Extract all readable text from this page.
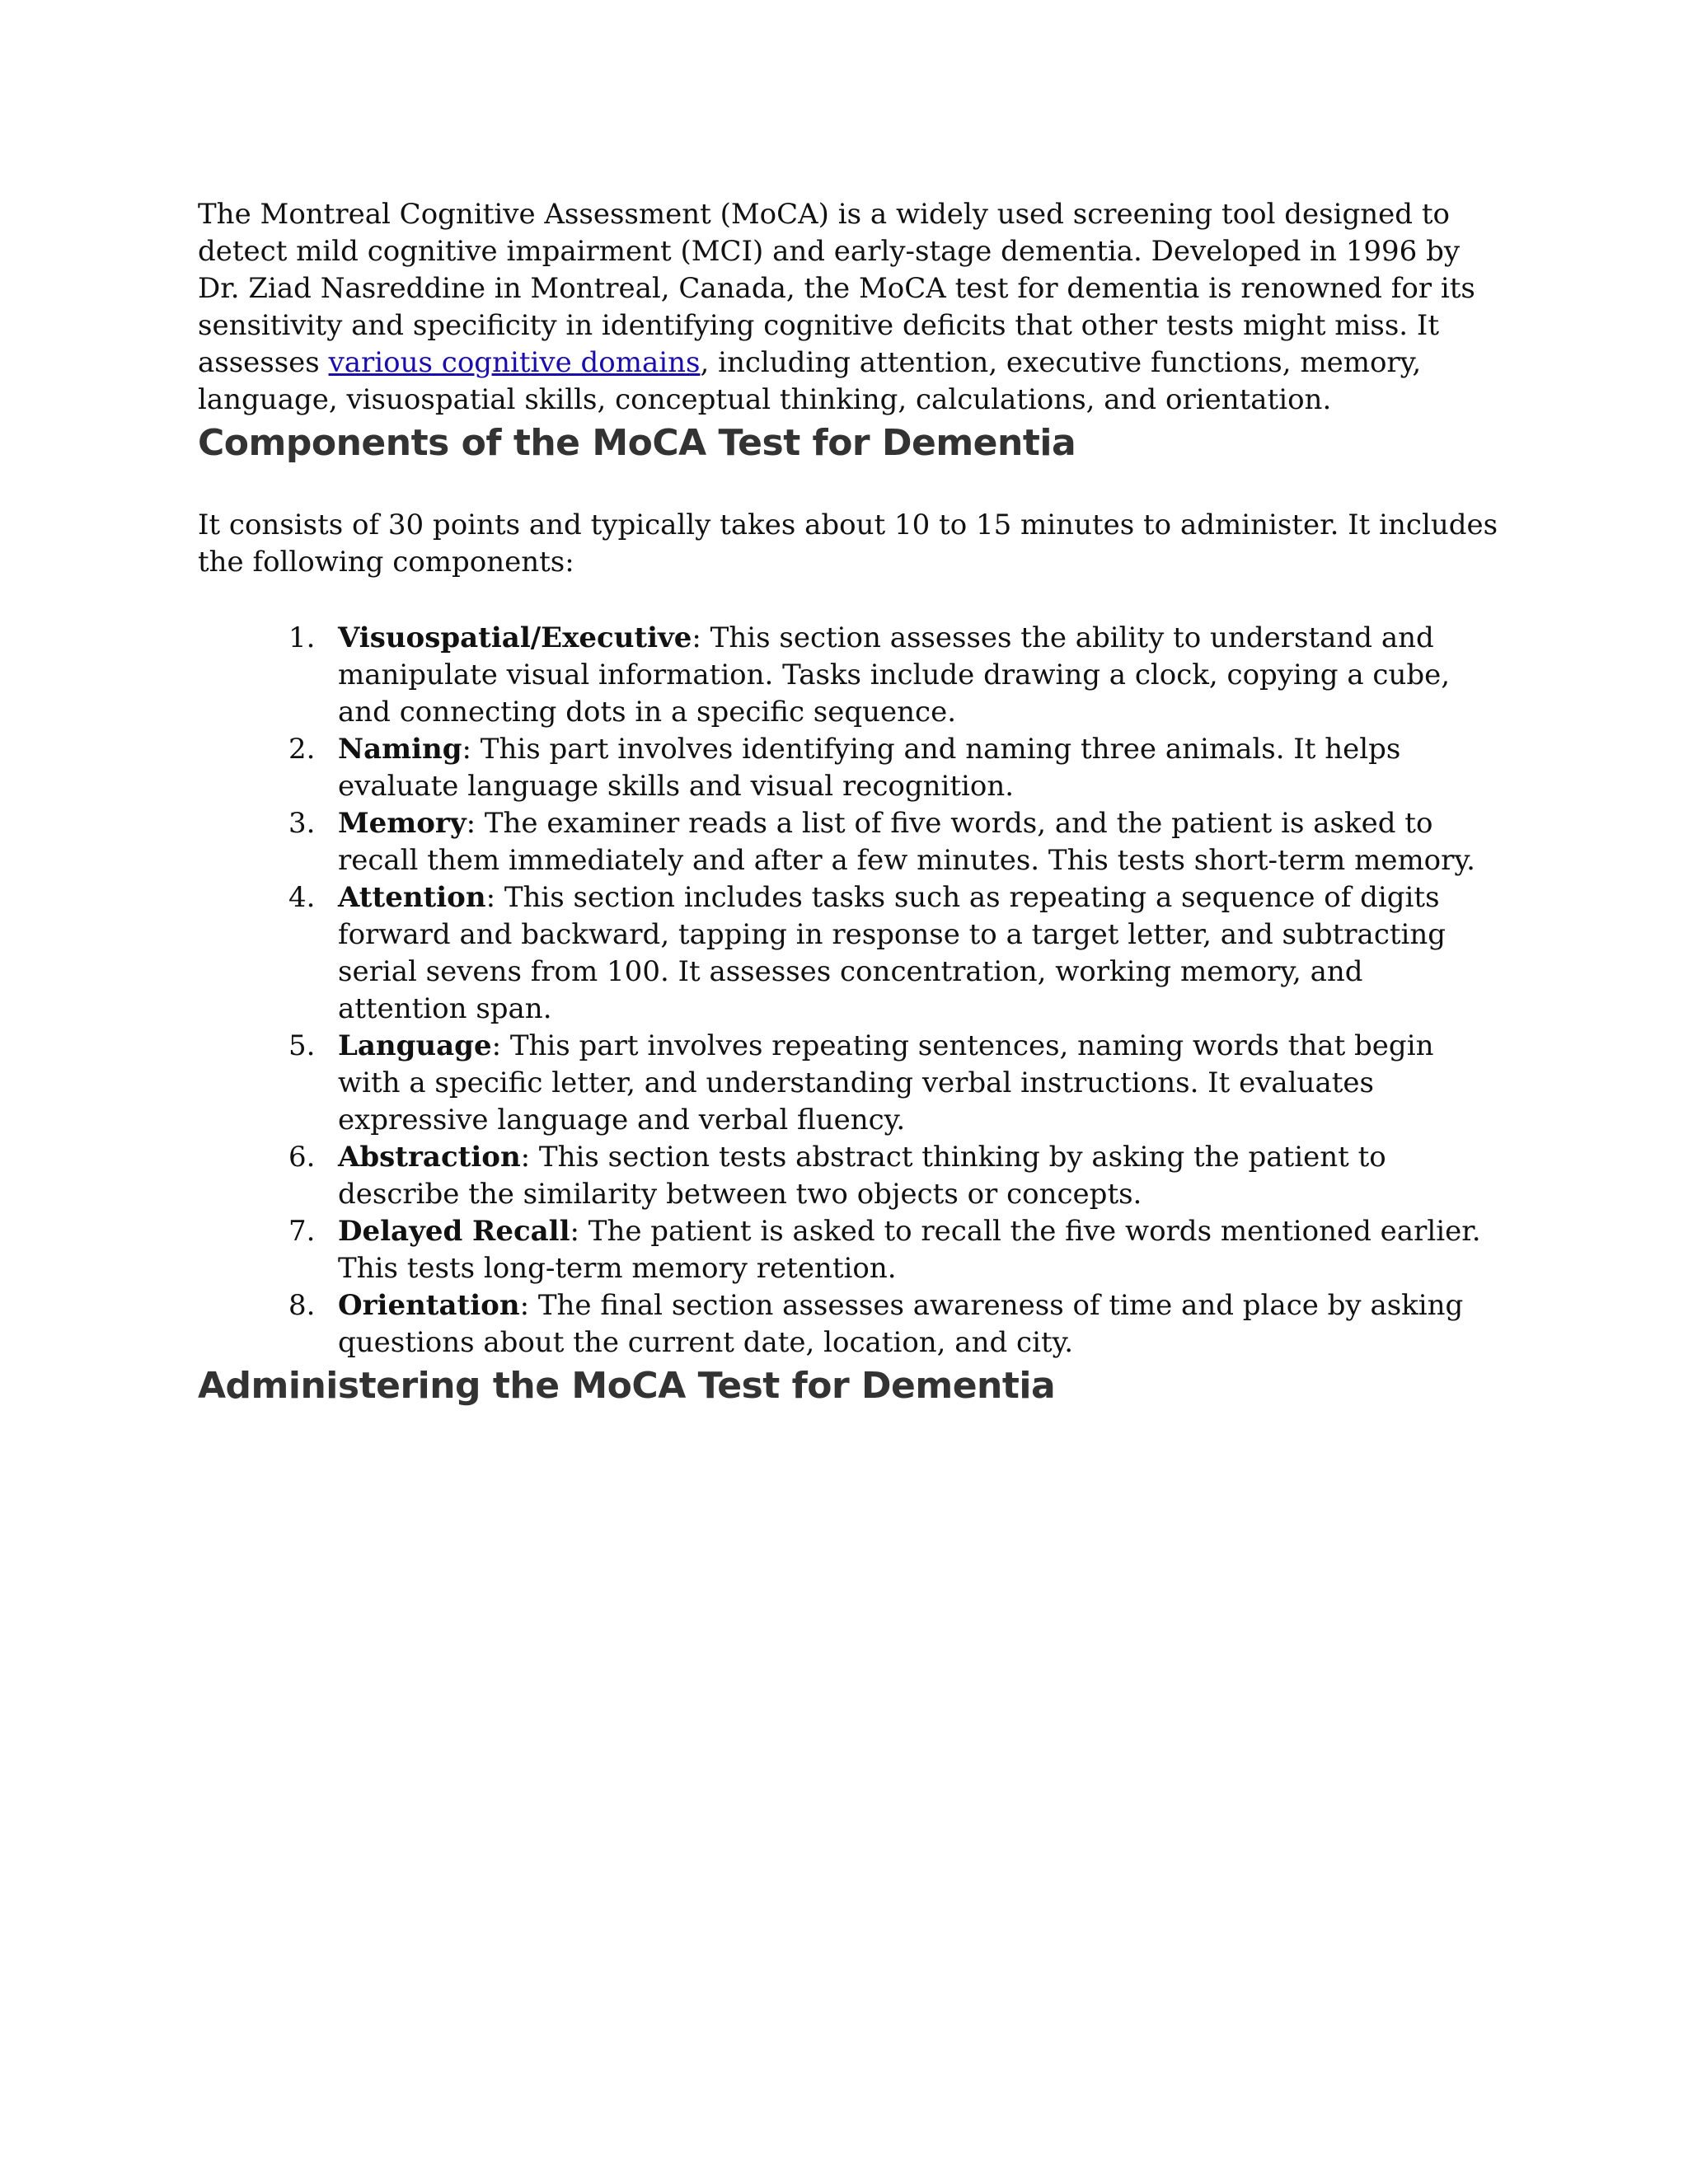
The Montreal Cognitive Assessment (MoCA) is a widely used screening tool designed to detect mild cognitive impairment (MCI) and early-stage dementia. Developed in 1996 by Dr. Ziad Nasreddine in Montreal, Canada, the MoCA test for dementia is renowned for its sensitivity and specificity in identifying cognitive deficits that other tests might miss. It assesses various cognitive domains, including attention, executive functions, memory, language, visuospatial skills, conceptual thinking, calculations, and orientation.

Components of the MoCA Test for Dementia

It consists of 30 points and typically takes about 10 to 15 minutes to administer. It includes the following components:

1. Visuospatial/Executive: This section assesses the ability to understand and manipulate visual information. Tasks include drawing a clock, copying a cube, and connecting dots in a specific sequence.
2. Naming: This part involves identifying and naming three animals. It helps evaluate language skills and visual recognition.
3. Memory: The examiner reads a list of five words, and the patient is asked to recall them immediately and after a few minutes. This tests short-term memory.
4. Attention: This section includes tasks such as repeating a sequence of digits forward and backward, tapping in response to a target letter, and subtracting serial sevens from 100. It assesses concentration, working memory, and attention span.
5. Language: This part involves repeating sentences, naming words that begin with a specific letter, and understanding verbal instructions. It evaluates expressive language and verbal fluency.
6. Abstraction: This section tests abstract thinking by asking the patient to describe the similarity between two objects or concepts.
7. Delayed Recall: The patient is asked to recall the five words mentioned earlier. This tests long-term memory retention.
8. Orientation: The final section assesses awareness of time and place by asking questions about the current date, location, and city.
Administering the MoCA Test for Dementia
